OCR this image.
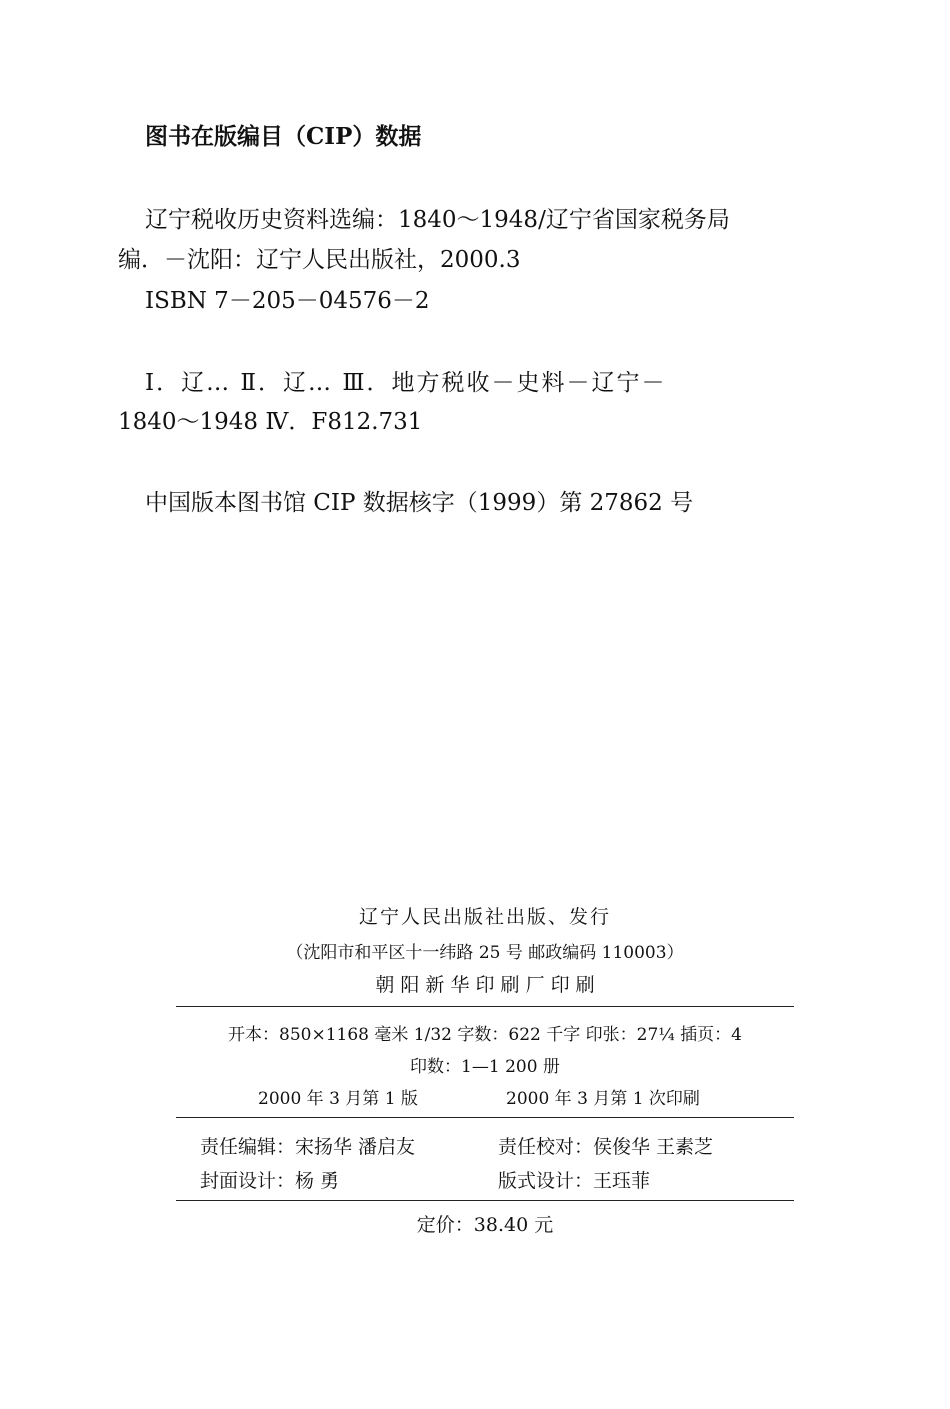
图书在版编目（CIP）数据
辽宁税收历史资料选编：1840～1948/辽宁省国家税务局
编．－沈阳：辽宁人民出版社，2000.3
ISBN 7－205－04576－2
Ⅰ．辽… Ⅱ．辽… Ⅲ．地方税收－史料－辽宁－
1840～1948 Ⅳ．F812.731
中国版本图书馆 CIP 数据核字（1999）第 27862 号
辽宁人民出版社出版、发行
（沈阳市和平区十一纬路 25 号 邮政编码 110003）
朝 阳 新 华 印 刷 厂 印 刷
开本：850×1168 毫米 1/32 字数：622 千字 印张：27¼ 插页：4
印数：1—1 200 册
2000 年 3 月第 1 版	2000 年 3 月第 1 次印刷
责任编辑：宋扬华 潘启友	责任校对：侯俊华 王素芝
封面设计：杨 勇	版式设计：王珏菲
定价：38.40 元
